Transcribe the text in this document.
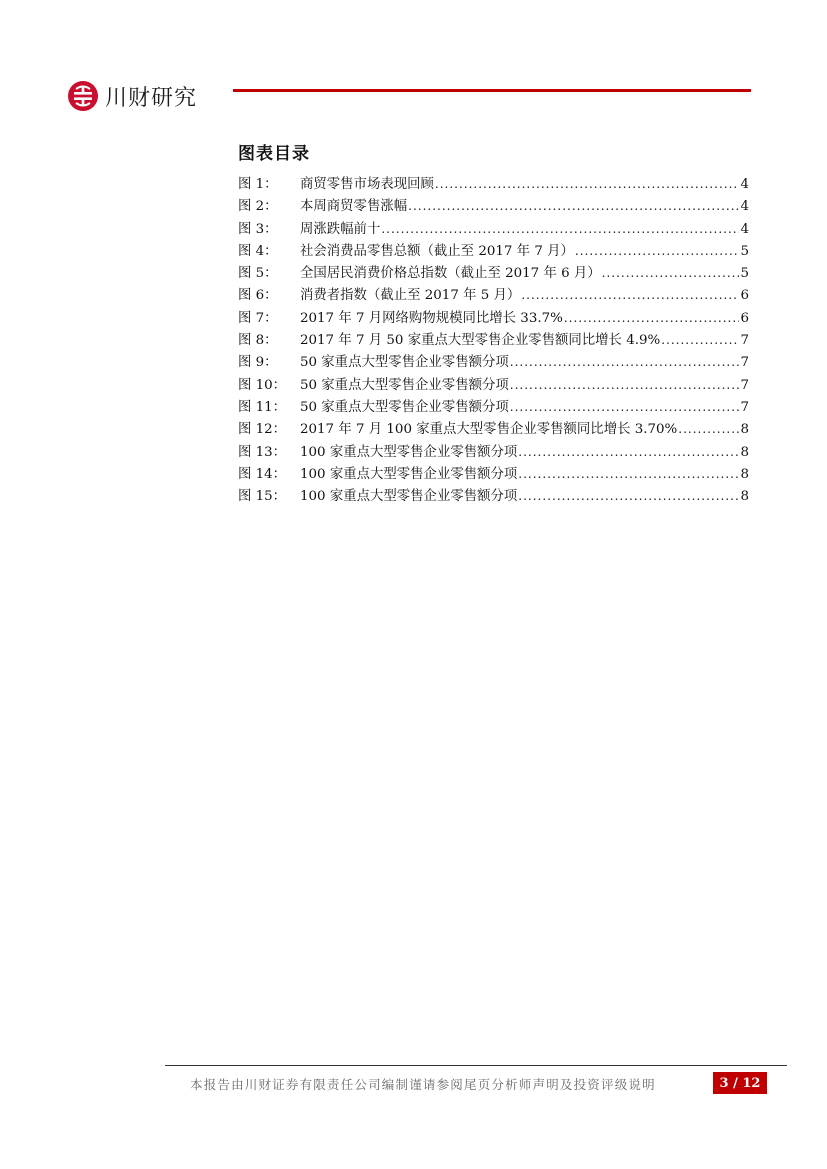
川财研究
图表目录
图 1：	商贸零售市场表现回顾 .....	4
图 2：	本周商贸零售涨幅 .....	4
图 3：	周涨跌幅前十 .....	4
图 4：	社会消费品零售总额（截止至 2017 年 7 月） .....	5
图 5：	全国居民消费价格总指数（截止至 2017 年 6 月） .....	5
图 6：	消费者指数（截止至 2017 年 5 月） .....	6
图 7：	2017 年 7 月网络购物规模同比增长 33.7% .....	6
图 8：	2017 年 7 月 50 家重点大型零售企业零售额同比增长 4.9% .....	7
图 9：	50 家重点大型零售企业零售额分项 .....	7
图 10：	50 家重点大型零售企业零售额分项 .....	7
图 11：	50 家重点大型零售企业零售额分项 .....	7
图 12：	2017 年 7 月 100 家重点大型零售企业零售额同比增长 3.70% .....	8
图 13：	100 家重点大型零售企业零售额分项 .....	8
图 14：	100 家重点大型零售企业零售额分项 .....	8
图 15：	100 家重点大型零售企业零售额分项 .....	8
本报告由川财证券有限责任公司编制谨请参阅尾页分析师声明及投资评级说明	3 / 12
